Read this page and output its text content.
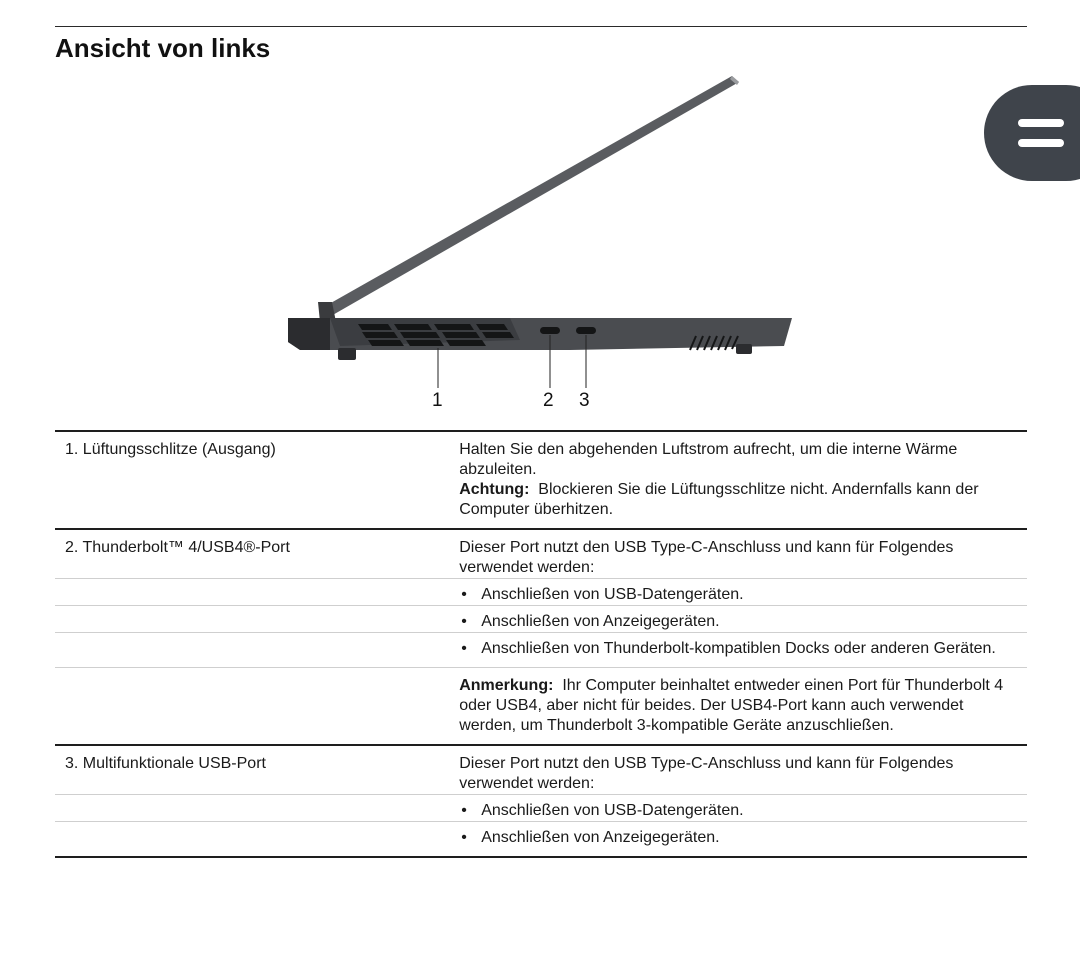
Ansicht von links
1	2 3
1. Lüftungsschlitze (Ausgang)	Halten Sie den abgehenden Luftstrom aufrecht, um die interne Wärme abzuleiten.
Achtung: Blockieren Sie die Lüftungsschlitze nicht. Andernfalls kann der Computer überhitzen.

2. Thunderbolt™ 4/USB4®-Port	Dieser Port nutzt den USB Type-C-Anschluss und kann für Folgendes verwendet werden:

	• Anschließen von USB-Datengeräten.

	• Anschließen von Anzeigegeräten.

	• Anschließen von Thunderbolt-kompatiblen Docks oder anderen Geräten.

	Anmerkung: Ihr Computer beinhaltet entweder einen Port für Thunderbolt 4 oder USB4, aber nicht für beides. Der USB4-Port kann auch verwendet werden, um Thunderbolt 3-kompatible Geräte anzuschließen.
3. Multifunktionale USB-Port	Dieser Port nutzt den USB Type-C-Anschluss und kann für Folgendes verwendet werden:

	• Anschließen von USB-Datengeräten.

	• Anschließen von Anzeigegeräten.
